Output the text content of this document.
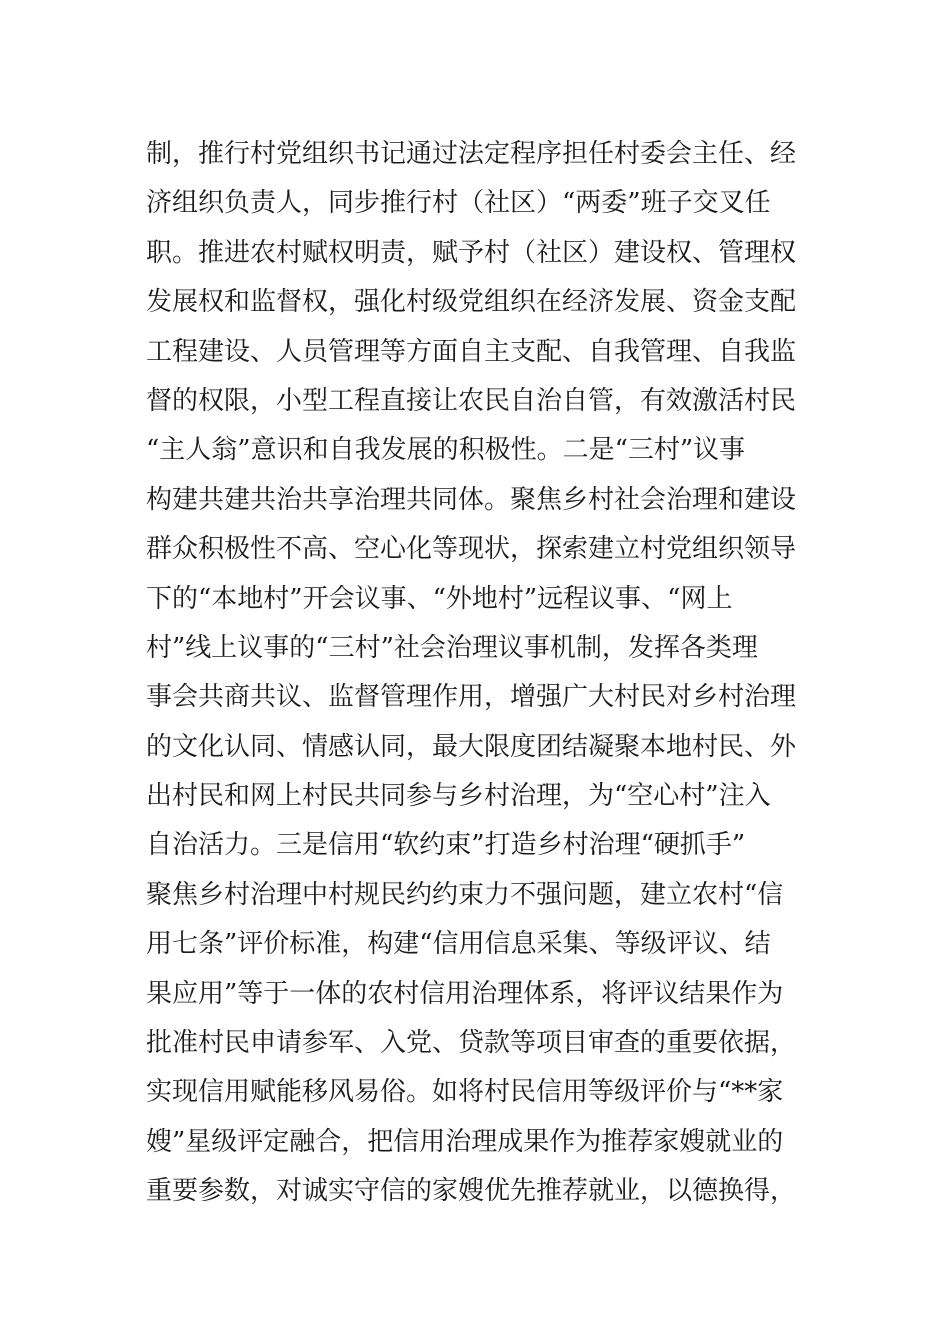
制，推行村党组织书记通过法定程序担任村委会主任、经
济组织负责人，同步推行村（社区）“两委”班子交叉任
职。推进农村赋权明责，赋予村（社区）建设权、管理权
发展权和监督权，强化村级党组织在经济发展、资金支配
工程建设、人员管理等方面自主支配、自我管理、自我监
督的权限，小型工程直接让农民自治自管，有效激活村民
“主人翁”意识和自我发展的积极性。二是“三村”议事
构建共建共治共享治理共同体。聚焦乡村社会治理和建设
群众积极性不高、空心化等现状，探索建立村党组织领导
下的“本地村”开会议事、“外地村”远程议事、“网上
村”线上议事的“三村”社会治理议事机制，发挥各类理
事会共商共议、监督管理作用，增强广大村民对乡村治理
的文化认同、情感认同，最大限度团结凝聚本地村民、外
出村民和网上村民共同参与乡村治理，为“空心村”注入
自治活力。三是信用“软约束”打造乡村治理“硬抓手”
聚焦乡村治理中村规民约约束力不强问题，建立农村“信
用七条”评价标准，构建“信用信息采集、等级评议、结
果应用”等于一体的农村信用治理体系，将评议结果作为
批准村民申请参军、入党、贷款等项目审查的重要依据，
实现信用赋能移风易俗。如将村民信用等级评价与“**家
嫂”星级评定融合，把信用治理成果作为推荐家嫂就业的
重要参数，对诚实守信的家嫂优先推荐就业，以德换得，
